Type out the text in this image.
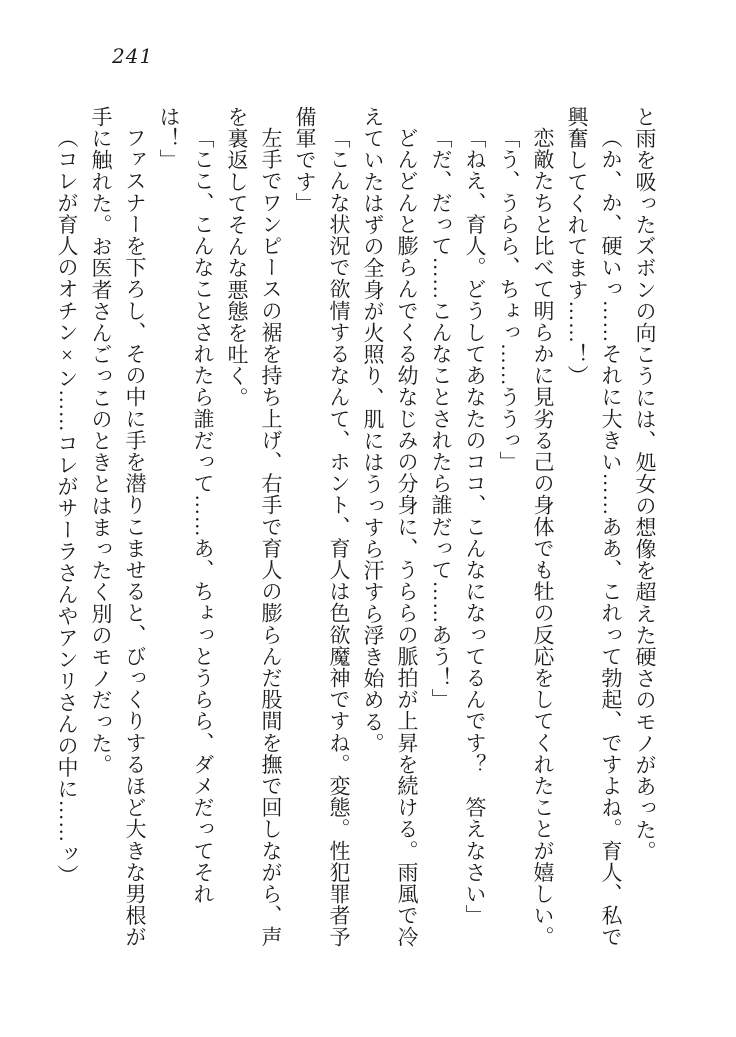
241

と雨を吸ったズボンの向こうには、処女の想像を超えた硬さのモノがあった。

（か、か、硬いっ……それに大きい……ああ、これって勃起、ですよね。育人、私で興奮してくれてます……！）

恋敵たちと比べて明らかに見劣る己の身体でも牡の反応をしてくれたことが嬉しい。

「う、うらら、ちょっ……ううっ」

「ねえ、育人。どうしてあなたのココ、こんなになってるんです？　答えなさい」

「だ、だって……こんなことされたら誰だって……あう！」

どんどんと膨らんでくる幼なじみの分身に、うららの脈拍が上昇を続ける。雨風で冷えていたはずの全身が火照り、肌にはうっすら汗すら浮き始める。

「こんな状況で欲情するなんて、ホント、育人は色欲魔神ですね。変態。性犯罪者予備軍です」

左手でワンピースの裾を持ち上げ、右手で育人の膨らんだ股間を撫で回しながら、声を裏返してそんな悪態を吐く。

「ここ、こんなことされたら誰だって……あ、ちょっとうらら、ダメだってそれは！」

ファスナーを下ろし、その中に手を潜りこませると、びっくりするほど大きな男根が手に触れた。お医者さんごっこのときとはまったく別のモノだった。

（コレが育人のオチン×ン……コレがサーラさんやアンリさんの中に……ッ）
